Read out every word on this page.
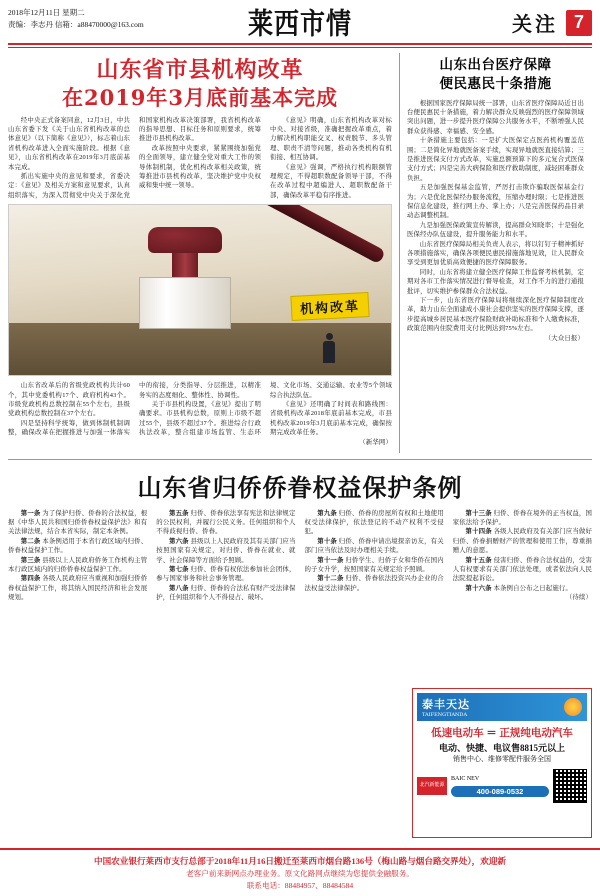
2018年12月11日 星期二
责编：李志丹 信箱：a88470000@163.com	莱西市情	关注 7
山东省市县机构改革
在2019年3月底前基本完成

经中央正式备案同意，12月3日，中共山东省委下发《关于山东省机构改革的总体意见》（以下简称《意见》），标志着山东省机构改革进入全面实施阶段。根据《意见》，山东省机构改革在2019年3月底前基本完成。

抓出实施中央的意见和要求，省委决定：《意见》及相关方案和意见要求，认真组织落实，为深入贯彻党中央关于深化党和国家机构改革决策部署，我省机构改革的指导思想、目标任务和原则要求，统筹推进市县机构改革。

改革按照中央要求，紧紧围绕加强党的全面领导，建立健全党对重大工作的领导体制机制，优化机构改革相关政策，统筹推进市县机构改革，坚决维护党中央权威和集中统一领导。

《意见》明确，山东省机构改革对标中央、对接省级，准确把握改革重点，着力解决机构职能交叉、权责脱节、多头管理、职责不清等问题，推动各类机构有机衔接、相互协调。

《意见》强调，严格执行机构限额管理规定，不得超职数配备领导干部，不得在改革过程中超编进人、超职数配备干部，确保改革平稳有序推进。

机构改革

山东省改革后的省级党政机构共计60个，其中党委机构17个、政府机构43个。市级党政机构总数控制在55个左右，县级党政机构总数控制在37个左右。

四是坚持科学统筹，做到体制机制调整，确保改革在把握推进与加强一体落实中的衔接，分类指导、分层推进，以精准务实的态度细化、整体性、协调性。

关于市县机构设置，《意见》提出了明确要求。市县机构总数，原则上市级不超过55个，县级不超过37个。推进综合行政执法改革，整合组建市场监管、生态环境、文化市场、交通运输、农业等5个领域综合执法队伍。

《意见》还明确了时间表和路线图：省级机构改革2018年底前基本完成，市县机构改革2019年3月底前基本完成，确保按期完成改革任务。

（新华网）

山东出台医疗保障
便民惠民十条措施

根据国家医疗保障局统一部署，山东省医疗保障局近日出台便民惠民十条措施，着力解决群众反映强烈的医疗保障领域突出问题，进一步提升医疗保障公共服务水平，不断增强人民群众获得感、幸福感、安全感。

十条措施主要包括：一是扩大医保定点医药机构覆盖范围；二是简化异地就医备案手续，实现异地就医直接结算；三是推进医保支付方式改革，实施总额预算下的多元复合式医保支付方式；四是完善大病保险和医疗救助制度，减轻困难群众负担。

五是加强医保基金监管，严厉打击欺诈骗取医保基金行为；六是优化医保经办服务流程，压缩办理时限；七是推进医保信息化建设，推行网上办、掌上办；八是完善医保药品目录动态调整机制。

九是加强医保政策宣传解读，提高群众知晓率；十是强化医保经办队伍建设，提升服务能力和水平。

山东省医疗保障局相关负责人表示，将以钉钉子精神抓好各项措施落实，确保各项便民惠民措施落地见效，让人民群众享受到更加优质高效便捷的医疗保障服务。

同时，山东省将建立健全医疗保障工作监督考核机制，定期对各市工作落实情况进行督导检查，对工作不力的进行通报批评，切实维护参保群众合法权益。

下一步，山东省医疗保障局将继续深化医疗保障制度改革，助力山东全面建成小康社会提供坚实的医疗保障支撑，逐步提高城乡居民基本医疗保险财政补助标准和个人缴费标准，政策范围内住院费用支付比例达到75%左右。

（大众日报）

山东省归侨侨眷权益保护条例

第一条 为了保护归侨、侨眷的合法权益，根据《中华人民共和国归侨侨眷权益保护法》和有关法律法规，结合本省实际，制定本条例。

第二条 本条例适用于本省行政区域内归侨、侨眷权益保护工作。

第三条 县级以上人民政府侨务工作机构主管本行政区域内的归侨侨眷权益保护工作。

第四条 各级人民政府应当重视和加强归侨侨眷权益保护工作，将其纳入国民经济和社会发展规划。

第五条 归侨、侨眷依法享有宪法和法律规定的公民权利，并履行公民义务。任何组织和个人不得歧视归侨、侨眷。

第六条 县级以上人民政府及其有关部门应当按照国家有关规定，对归侨、侨眷在就业、就学、社会保障等方面给予照顾。

第七条 归侨、侨眷有权依法参加社会团体，参与国家事务和社会事务管理。

第八条 归侨、侨眷的合法私有财产受法律保护，任何组织和个人不得侵占、破坏。

第九条 归侨、侨眷的房屋所有权和土地使用权受法律保护，依法登记的不动产权利不受侵犯。

第十条 归侨、侨眷申请出境探亲访友，有关部门应当依法及时办理相关手续。

第十一条 归侨学生、归侨子女和华侨在国内的子女升学，按照国家有关规定给予照顾。

第十二条 归侨、侨眷依法投资兴办企业的合法权益受法律保护。

第十三条 归侨、侨眷在境外的正当权益，国家依法给予保护。

第十四条 各级人民政府及有关部门应当做好归侨、侨眷捐赠财产的管理和使用工作，尊重捐赠人的意愿。

第十五条 侵害归侨、侨眷合法权益的，受害人有权要求有关部门依法处理，或者依法向人民法院提起诉讼。

第十六条 本条例自公布之日起施行。

（待续）

泰丰天达
TAIFENGTIANDA
低速电动车 ＝ 正规纯电动汽车
电动、快捷、电议售8815元以上
销售中心、维修零配件服务全国
北汽新能源
BAIC NEV
400-089-0532
中国农业银行莱西市支行总部于2018年11月16日搬迁至莱西市烟台路136号（梅山路与烟台路交界处），欢迎新
老客户前来新网点办理业务。原文化路网点继续为您提供金融服务。
联系电话：88484957、88484584
